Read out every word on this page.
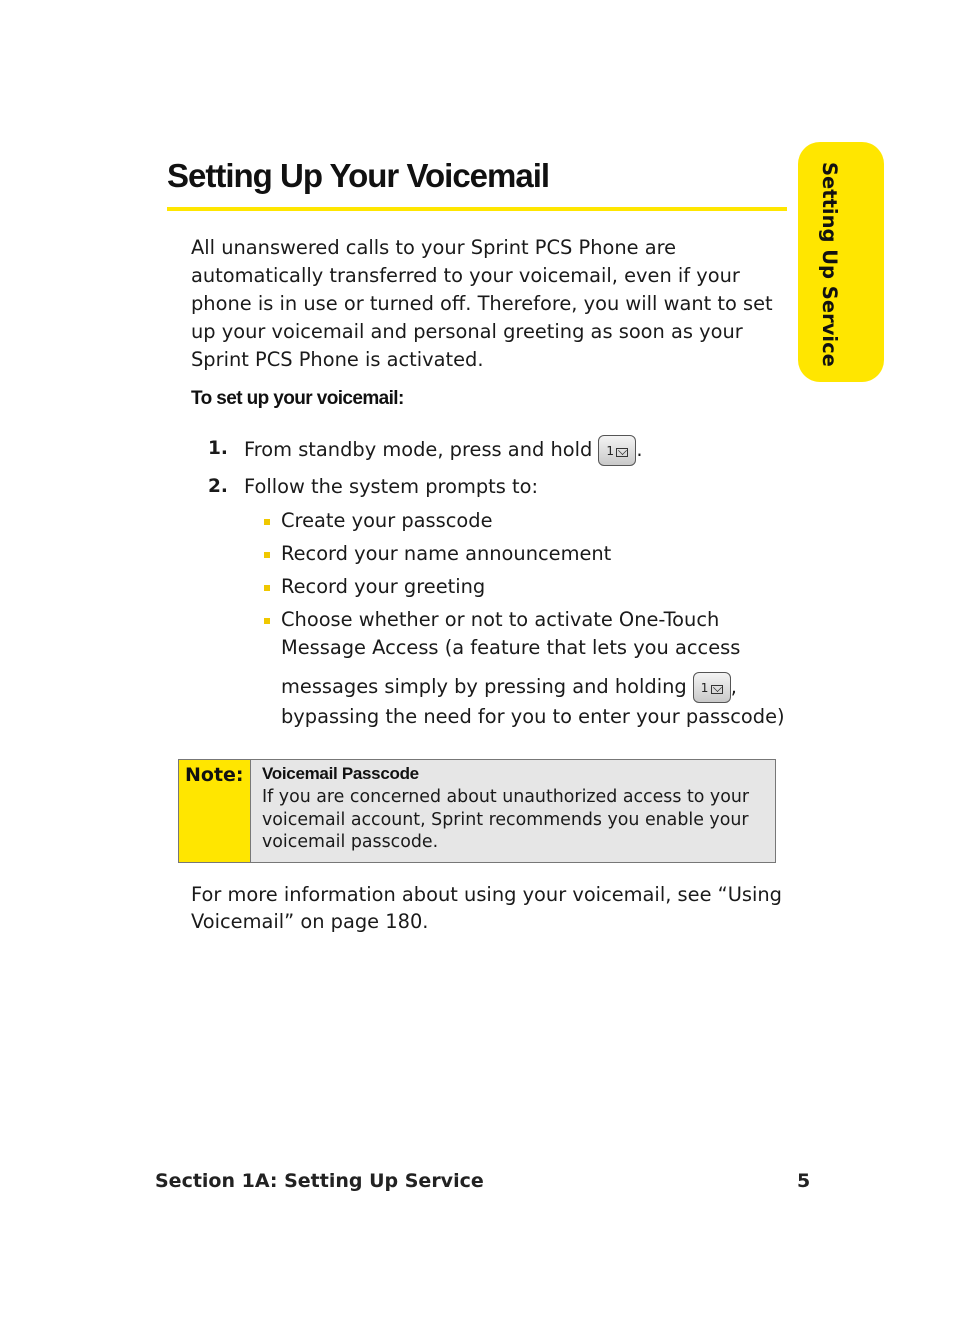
Setting Up Your Voicemail	Setting Up Service

All unanswered calls to your Sprint PCS Phone are automatically transferred to your voicemail, even if your phone is in use or turned off. Therefore, you will want to set up your voicemail and personal greeting as soon as your Sprint PCS Phone is activated.

To set up your voicemail:
1. From standby mode, press and hold 1 .
2. Follow the system prompts to:
Create your passcode
Record your name announcement
Record your greeting
Choose whether or not to activate One-Touch
Message Access (a feature that lets you access
messages simply by pressing and holding 1 ,
bypassing the need for you to enter your passcode)
Note: Voicemail Passcode
If you are concerned about unauthorized access to your voicemail account, Sprint recommends you enable your voicemail passcode.

For more information about using your voicemail, see “Using Voicemail” on page 180.

Section 1A: Setting Up Service	5
